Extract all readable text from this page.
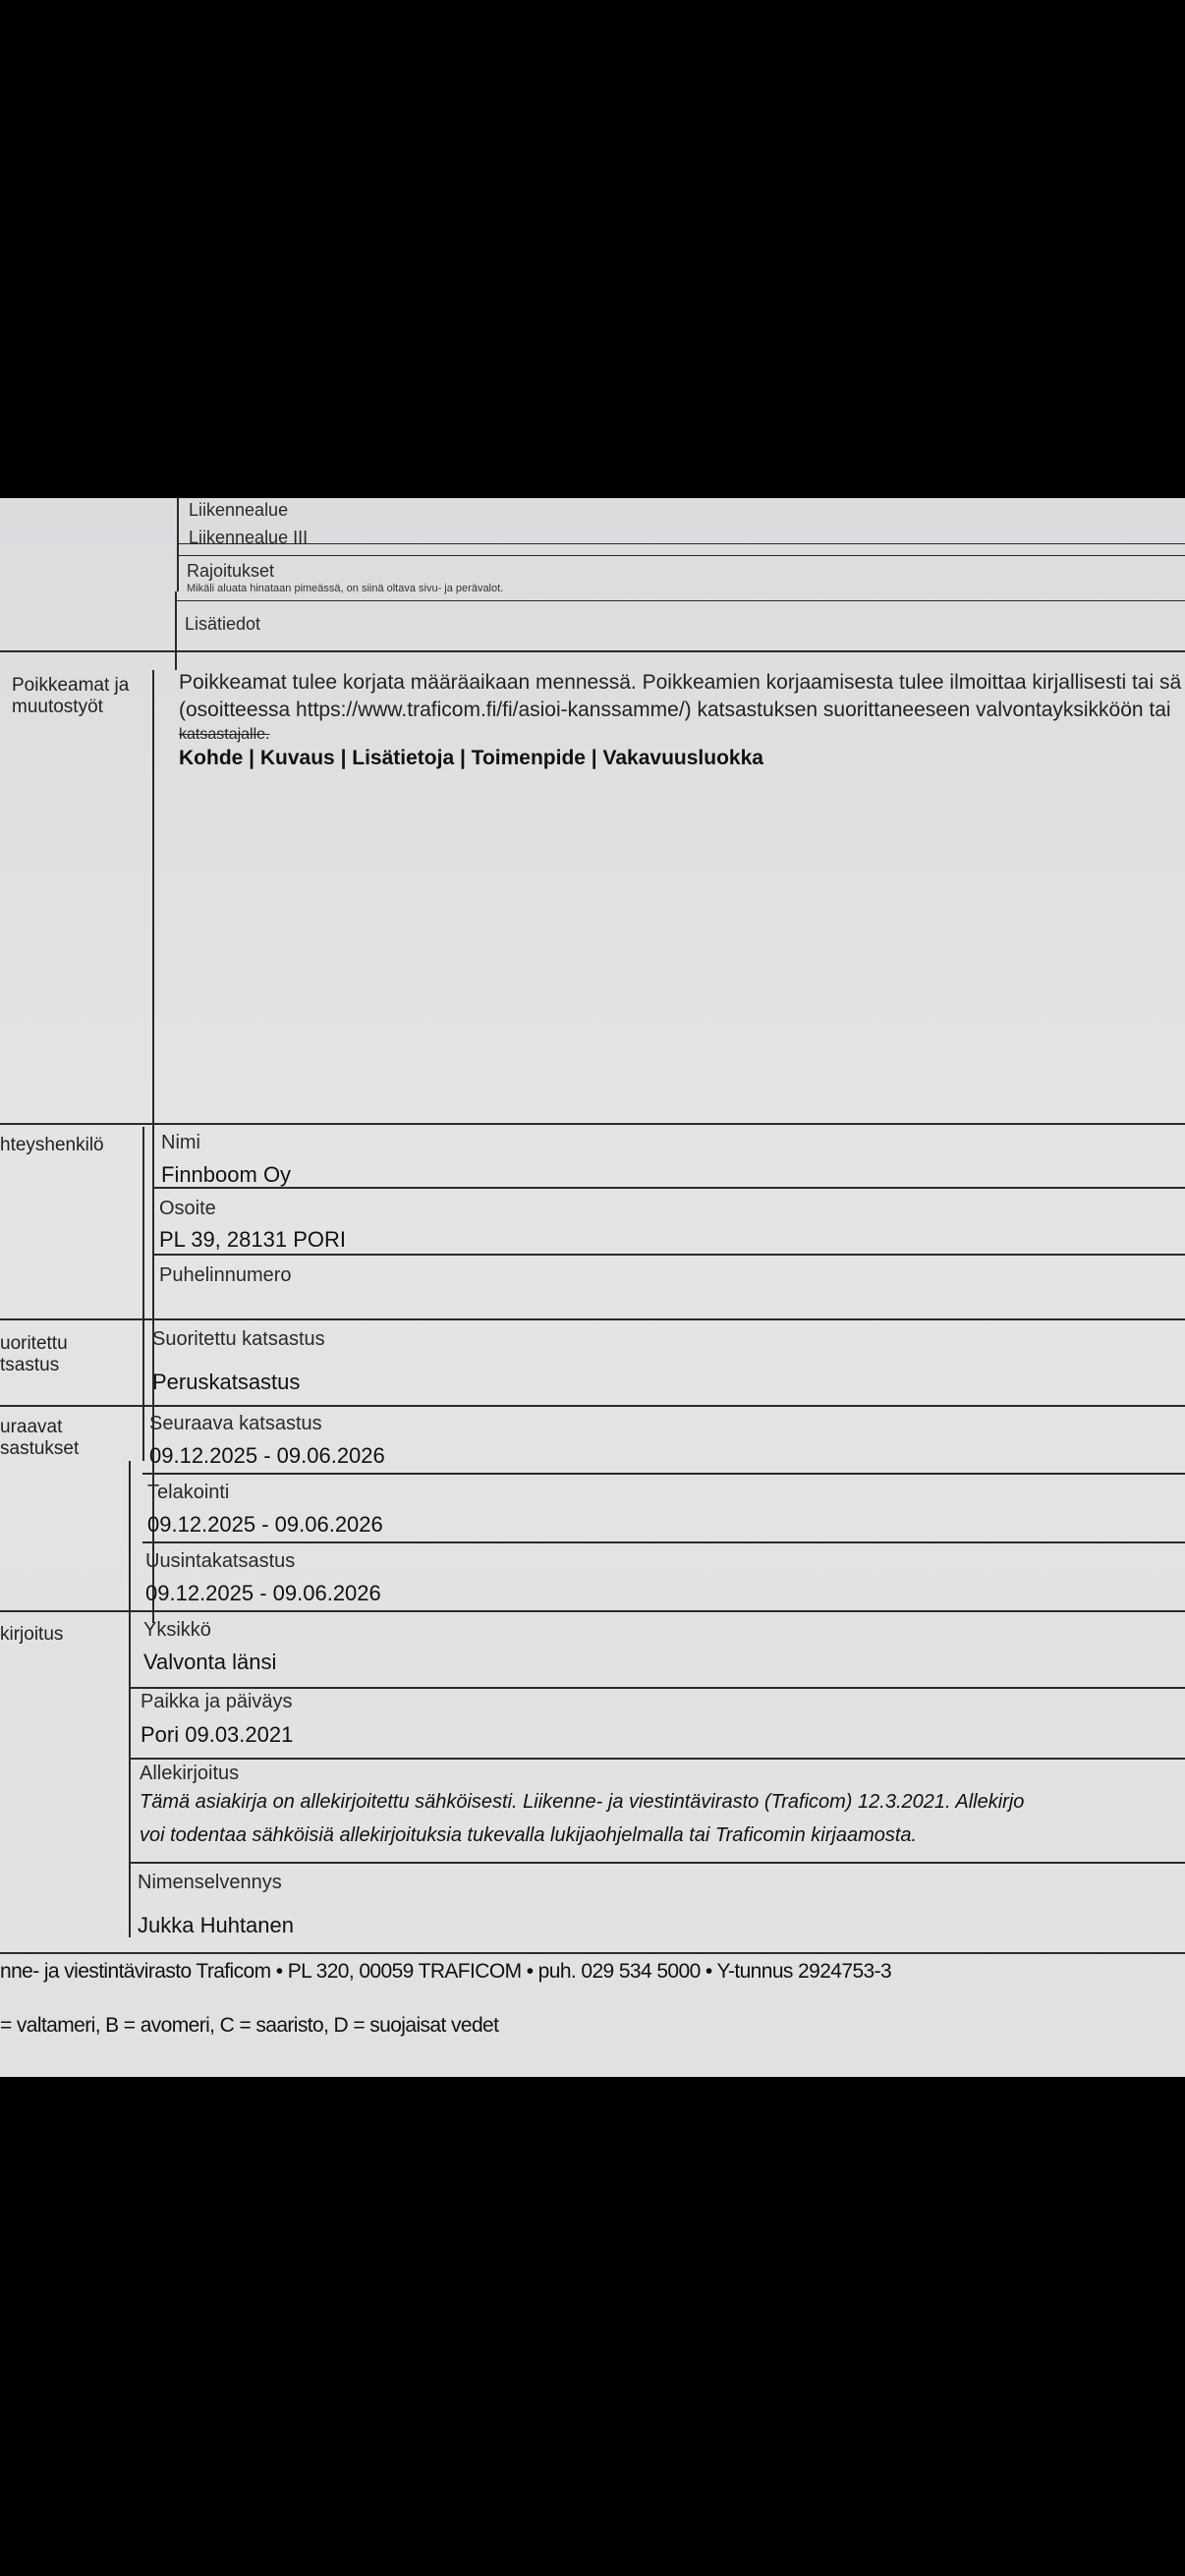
Liikennealue
Liikennealue III
Rajoitukset
Mikäli aluata hinataan pimeässä, on siinä oltava sivu- ja perävalot.
Lisätiedot
Poikkeamat ja
muutostyöt
Poikkeamat tulee korjata määräaikaan mennessä. Poikkeamien korjaamisesta tulee ilmoittaa kirjallisesti tai sä
(osoitteessa https://www.traficom.fi/fi/asioi-kanssamme/) katsastuksen suorittaneeseen valvontayksikköön tai
katsastajalle.
Kohde | Kuvaus | Lisätietoja | Toimenpide | Vakavuusluokka
hteyshenkilö	Nimi
Finnboom Oy
Osoite
PL 39, 28131 PORI
Puhelinnumero
uoritettu
tsastus
Suoritettu katsastus
Peruskatsastus
uraavat
sastukset
Seuraava katsastus
09.12.2025 - 09.06.2026
Telakointi
09.12.2025 - 09.06.2026
Uusintakatsastus
09.12.2025 - 09.06.2026
kirjoitus	Yksikkö
Valvonta länsi
Paikka ja päiväys
Pori 09.03.2021
Allekirjoitus
Tämä asiakirja on allekirjoitettu sähköisesti. Liikenne- ja viestintävirasto (Traficom) 12.3.2021. Allekirjo
voi todentaa sähköisiä allekirjoituksia tukevalla lukijaohjelmalla tai Traficomin kirjaamosta.
Nimenselvennys
Jukka Huhtanen
nne- ja viestintävirasto Traficom • PL 320, 00059 TRAFICOM • puh. 029 534 5000 • Y-tunnus 2924753-3
= valtameri, B = avomeri, C = saaristo, D = suojaisat vedet
